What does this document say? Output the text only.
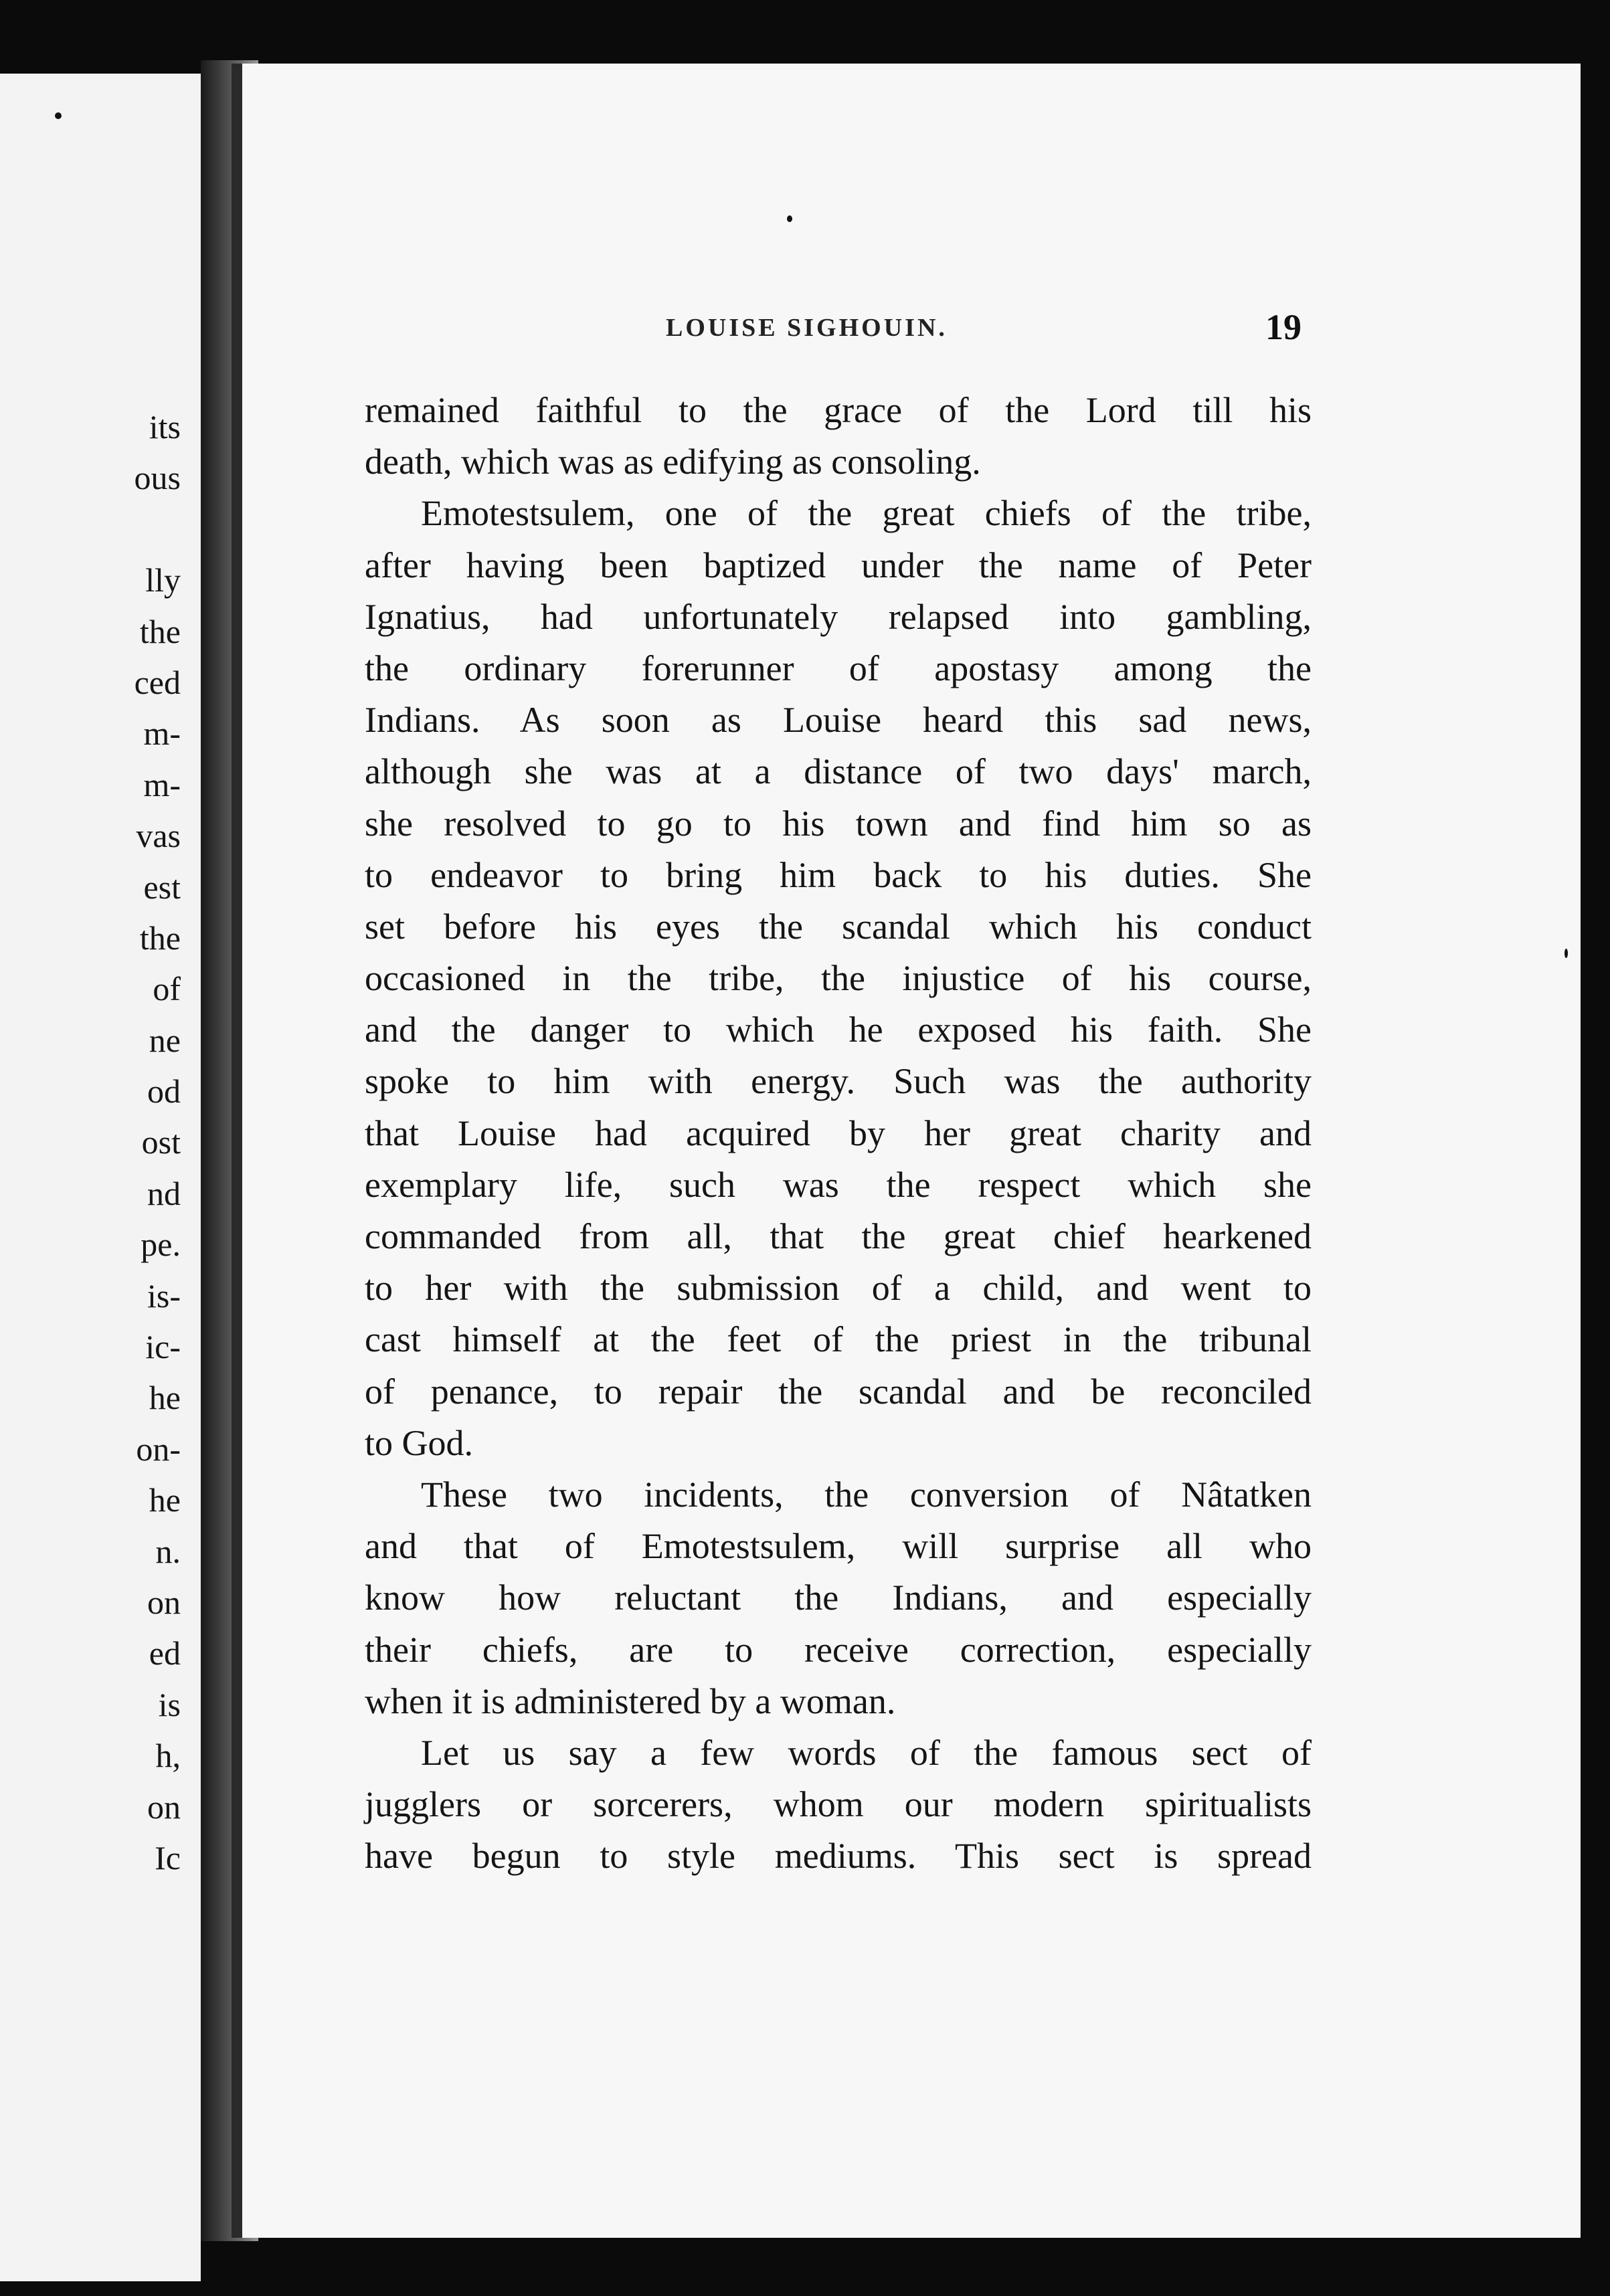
its
ous
lly
the
ced
m-
m-
vas
est
the
of
ne
od
ost
nd
pe.
is-
ic-
he
on-
he
n.
on
ed
is
h,
on
Ic
LOUISE SIGHOUIN.	19
remained faithful to the grace of the Lord till his
death, which was as edifying as consoling.
Emotestsulem, one of the great chiefs of the tribe,
after having been baptized under the name of Peter
Ignatius, had unfortunately relapsed into gambling,
the ordinary forerunner of apostasy among the
Indians. As soon as Louise heard this sad news,
although she was at a distance of two days' march,
she resolved to go to his town and find him so as
to endeavor to bring him back to his duties. She
set before his eyes the scandal which his conduct
occasioned in the tribe, the injustice of his course,
and the danger to which he exposed his faith. She
spoke to him with energy. Such was the authority
that Louise had acquired by her great charity and
exemplary life, such was the respect which she
commanded from all, that the great chief hearkened
to her with the submission of a child, and went to
cast himself at the feet of the priest in the tribunal
of penance, to repair the scandal and be reconciled
to God.
These two incidents, the conversion of Nâtatken
and that of Emotestsulem, will surprise all who
know how reluctant the Indians, and especially
their chiefs, are to receive correction, especially
when it is administered by a woman.
Let us say a few words of the famous sect of
jugglers or sorcerers, whom our modern spiritualists
have begun to style mediums. This sect is spread
